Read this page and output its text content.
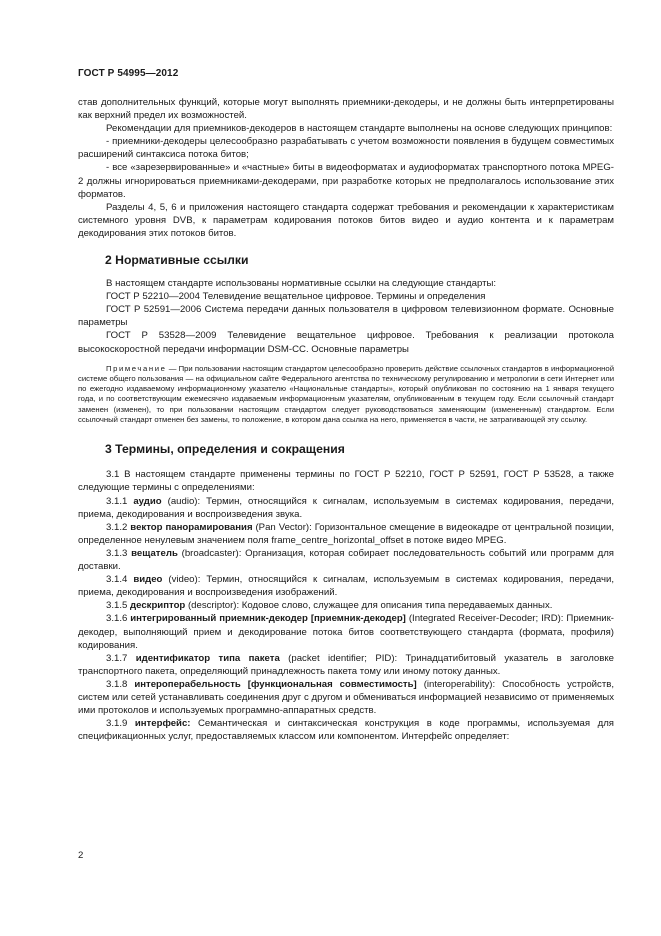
ГОСТ Р 54995—2012

став дополнительных функций, которые могут выполнять приемники-декодеры, и не должны быть интерпретированы как верхний предел их возможностей.

Рекомендации для приемников-декодеров в настоящем стандарте выполнены на основе следующих принципов:

- приемники-декодеры целесообразно разрабатывать с учетом возможности появления в будущем совместимых расширений синтаксиса потока битов;

- все «зарезервированные» и «частные» биты в видеоформатах и аудиоформатах транспортного потока MPEG-2 должны игнорироваться приемниками-декодерами, при разработке которых не предполагалось использование этих форматов.

Разделы 4, 5, 6 и приложения настоящего стандарта содержат требования и рекомендации к характеристикам системного уровня DVB, к параметрам кодирования потоков битов видео и аудио контента и к параметрам декодирования этих потоков битов.

2 Нормативные ссылки

В настоящем стандарте использованы нормативные ссылки на следующие стандарты:

ГОСТ Р 52210—2004 Телевидение вещательное цифровое. Термины и определения

ГОСТ Р 52591—2006 Система передачи данных пользователя в цифровом телевизионном формате. Основные параметры

ГОСТ Р 53528—2009 Телевидение вещательное цифровое. Требования к реализации протокола высокоскоростной передачи информации DSM-CC. Основные параметры

Примечание — При пользовании настоящим стандартом целесообразно проверить действие ссылочных стандартов в информационной системе общего пользования — на официальном сайте Федерального агентства по техническому регулированию и метрологии в сети Интернет или по ежегодно издаваемому информационному указателю «Национальные стандарты», который опубликован по состоянию на 1 января текущего года, и по соответствующим ежемесячно издаваемым информационным указателям, опубликованным в текущем году. Если ссылочный стандарт заменен (изменен), то при пользовании настоящим стандартом следует руководствоваться заменяющим (измененным) стандартом. Если ссылочный стандарт отменен без замены, то положение, в котором дана ссылка на него, применяется в части, не затрагивающей эту ссылку.

3 Термины, определения и сокращения

3.1 В настоящем стандарте применены термины по ГОСТ Р 52210, ГОСТ Р 52591, ГОСТ Р 53528, а также следующие термины с определениями:

3.1.1 аудио (audio): Термин, относящийся к сигналам, используемым в системах кодирования, передачи, приема, декодирования и воспроизведения звука.

3.1.2 вектор панорамирования (Pan Vector): Горизонтальное смещение в видеокадре от центральной позиции, определенное ненулевым значением поля frame_centre_horizontal_offset в потоке видео MPEG.

3.1.3 вещатель (broadcaster): Организация, которая собирает последовательность событий или программ для доставки.

3.1.4 видео (video): Термин, относящийся к сигналам, используемым в системах кодирования, передачи, приема, декодирования и воспроизведения изображений.

3.1.5 дескриптор (descriptor): Кодовое слово, служащее для описания типа передаваемых данных.

3.1.6 интегрированный приемник-декодер [приемник-декодер] (Integrated Receiver-Decoder; IRD): Приемник-декодер, выполняющий прием и декодирование потока битов соответствующего стандарта (формата, профиля) кодирования.

3.1.7 идентификатор типа пакета (packet identifier; PID): Тринадцатибитовый указатель в заголовке транспортного пакета, определяющий принадлежность пакета тому или иному потоку данных.

3.1.8 интероперабельность [функциональная совместимость] (interoperability): Способность устройств, систем или сетей устанавливать соединения друг с другом и обмениваться информацией независимо от применяемых ими протоколов и используемых программно-аппаратных средств.

3.1.9 интерфейс: Семантическая и синтаксическая конструкция в коде программы, используемая для спецификационных услуг, предоставляемых классом или компонентом. Интерфейс определяет:

2
